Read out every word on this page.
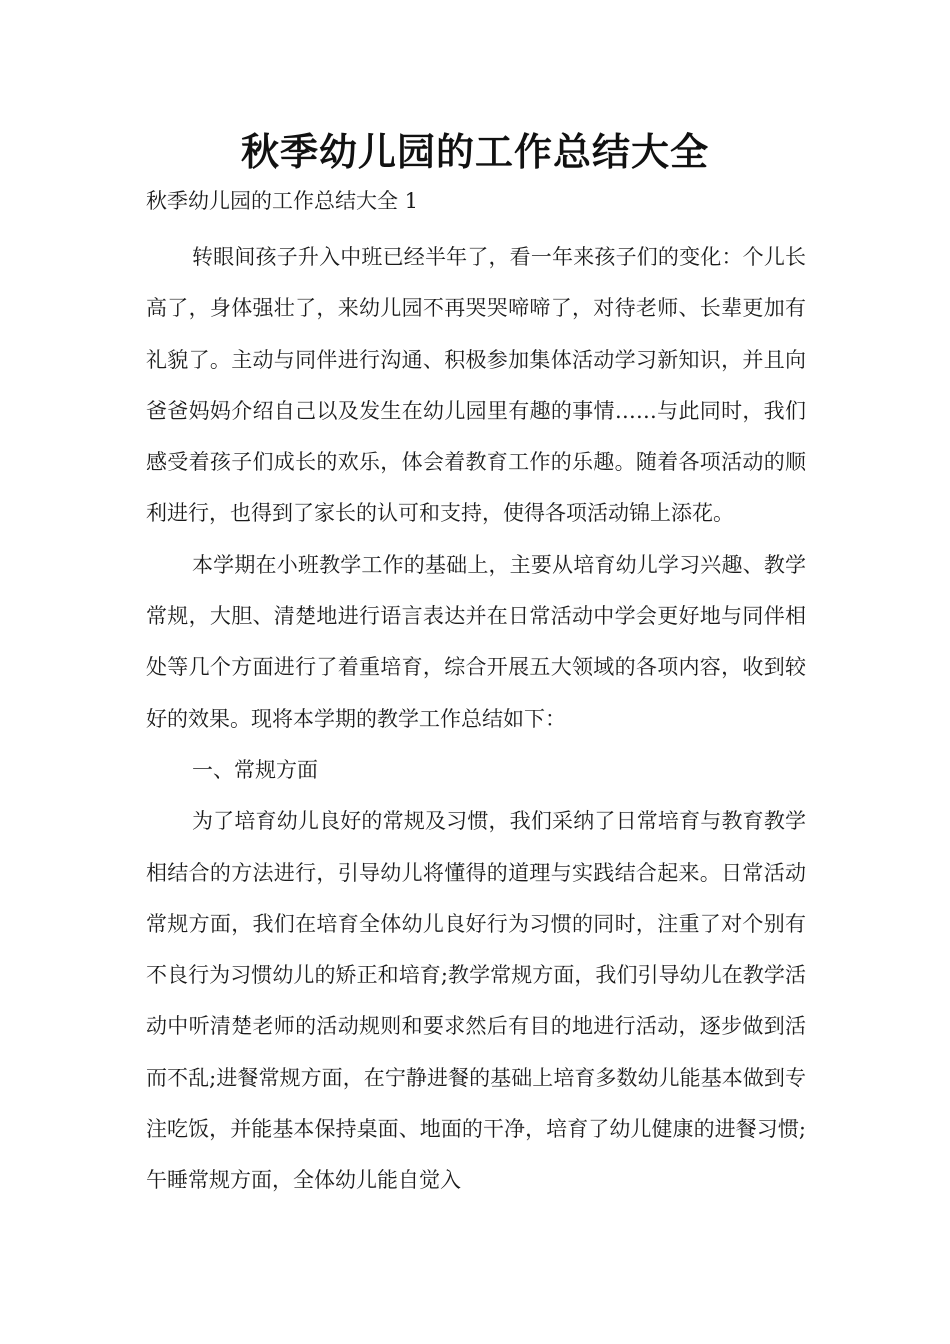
秋季幼儿园的工作总结大全

秋季幼儿园的工作总结大全 1

转眼间孩子升入中班已经半年了，看一年来孩子们的变化：个儿长高了，身体强壮了，来幼儿园不再哭哭啼啼了，对待老师、长辈更加有礼貌了。主动与同伴进行沟通、积极参加集体活动学习新知识，并且向爸爸妈妈介绍自己以及发生在幼儿园里有趣的事情……与此同时，我们感受着孩子们成长的欢乐，体会着教育工作的乐趣。随着各项活动的顺利进行，也得到了家长的认可和支持，使得各项活动锦上添花。

本学期在小班教学工作的基础上，主要从培育幼儿学习兴趣、教学常规，大胆、清楚地进行语言表达并在日常活动中学会更好地与同伴相处等几个方面进行了着重培育，综合开展五大领域的各项内容，收到较好的效果。现将本学期的教学工作总结如下：

一、常规方面

为了培育幼儿良好的常规及习惯，我们采纳了日常培育与教育教学相结合的方法进行，引导幼儿将懂得的道理与实践结合起来。日常活动常规方面，我们在培育全体幼儿良好行为习惯的同时，注重了对个别有不良行为习惯幼儿的矫正和培育;教学常规方面，我们引导幼儿在教学活动中听清楚老师的活动规则和要求然后有目的地进行活动，逐步做到活而不乱;进餐常规方面，在宁静进餐的基础上培育多数幼儿能基本做到专注吃饭，并能基本保持桌面、地面的干净，培育了幼儿健康的进餐习惯;午睡常规方面，全体幼儿能自觉入
